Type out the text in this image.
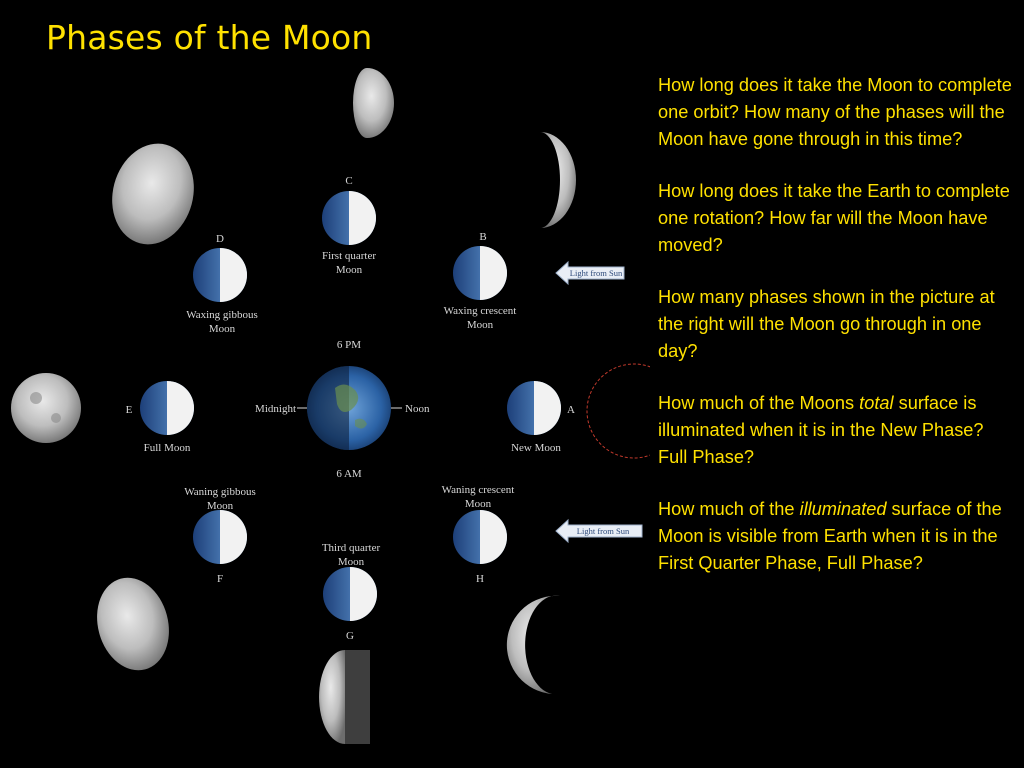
Phases of the Moon
6 PM
6 AM
Midnight	Noon
C
B
D
E	A
F
G
H
First quarter
Moon
Waxing crescent
Moon
Waxing gibbous
Moon
Full Moon	New Moon
Waning gibbous
Moon
Waning crescent
Moon
Third quarter
Moon
Light from Sun
Light from Sun

How long does it take the Moon to complete one orbit? How many of the phases will the Moon have gone through in this time?

How long does it take the Earth to complete one rotation? How far will the Moon have moved?

How many phases shown in the picture at the right will the Moon go through in one day?

How much of the Moons total surface is illuminated when it is in the New Phase? Full Phase?

How much of the illuminated surface of the Moon is visible from Earth when it is in the First Quarter Phase, Full Phase?
